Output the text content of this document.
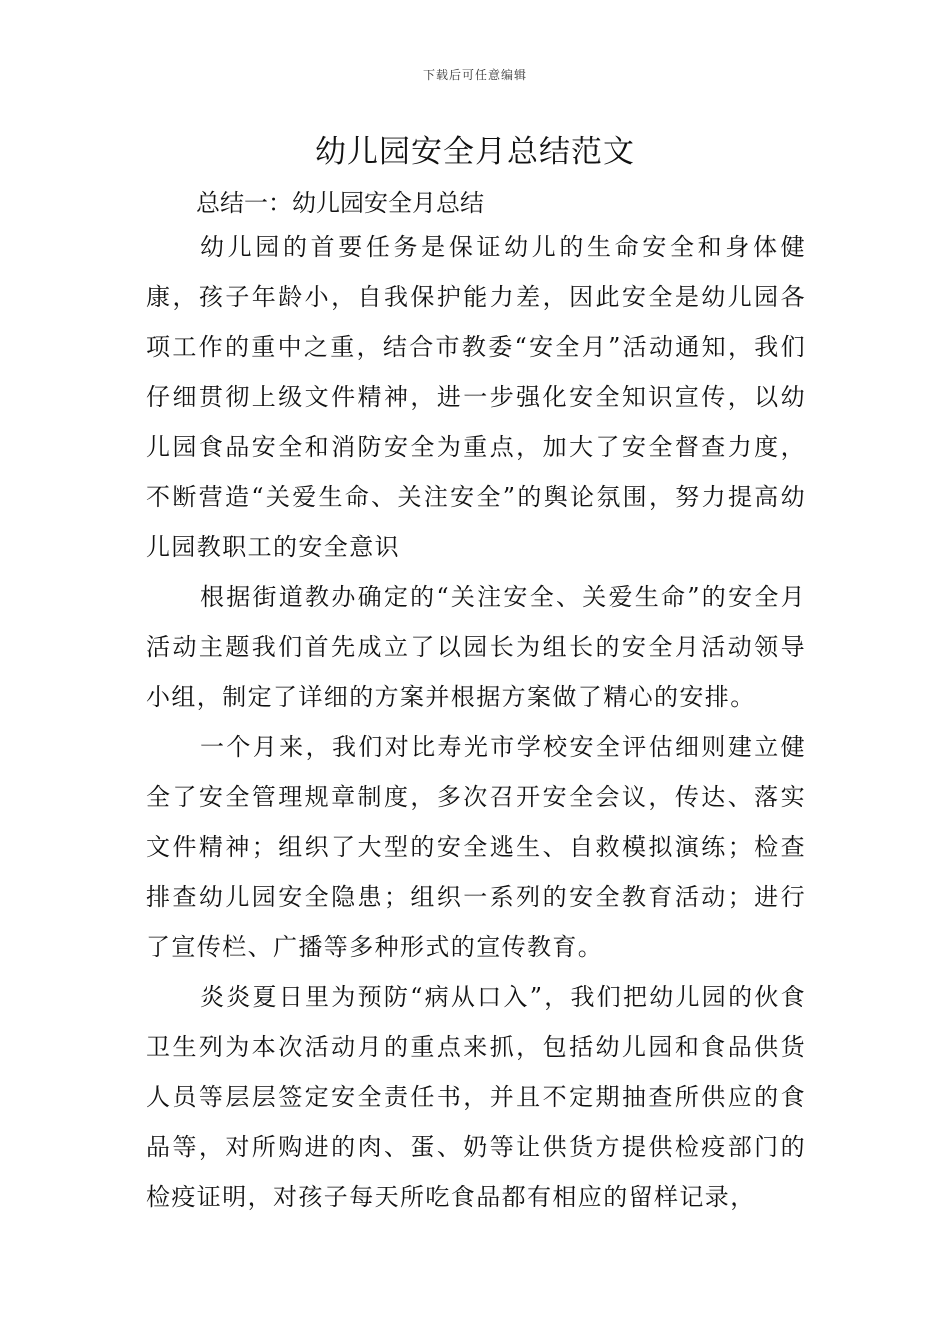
下载后可任意编辑
幼儿园安全月总结范文
总结一：幼儿园安全月总结

幼儿园的首要任务是保证幼儿的生命安全和身体健康，孩子年龄小，自我保护能力差，因此安全是幼儿园各项工作的重中之重，结合市教委“安全月”活动通知，我们仔细贯彻上级文件精神，进一步强化安全知识宣传，以幼儿园食品安全和消防安全为重点，加大了安全督查力度，不断营造“关爱生命、关注安全”的舆论氛围，努力提高幼儿园教职工的安全意识

根据街道教办确定的“关注安全、关爱生命”的安全月活动主题我们首先成立了以园长为组长的安全月活动领导小组，制定了详细的方案并根据方案做了精心的安排。

一个月来，我们对比寿光市学校安全评估细则建立健全了安全管理规章制度，多次召开安全会议，传达、落实文件精神；组织了大型的安全逃生、自救模拟演练；检查排查幼儿园安全隐患；组织一系列的安全教育活动；进行了宣传栏、广播等多种形式的宣传教育。

炎炎夏日里为预防“病从口入”，我们把幼儿园的伙食卫生列为本次活动月的重点来抓，包括幼儿园和食品供货人员等层层签定安全责任书，并且不定期抽查所供应的食品等，对所购进的肉、蛋、奶等让供货方提供检疫部门的检疫证明，对孩子每天所吃食品都有相应的留样记录，
